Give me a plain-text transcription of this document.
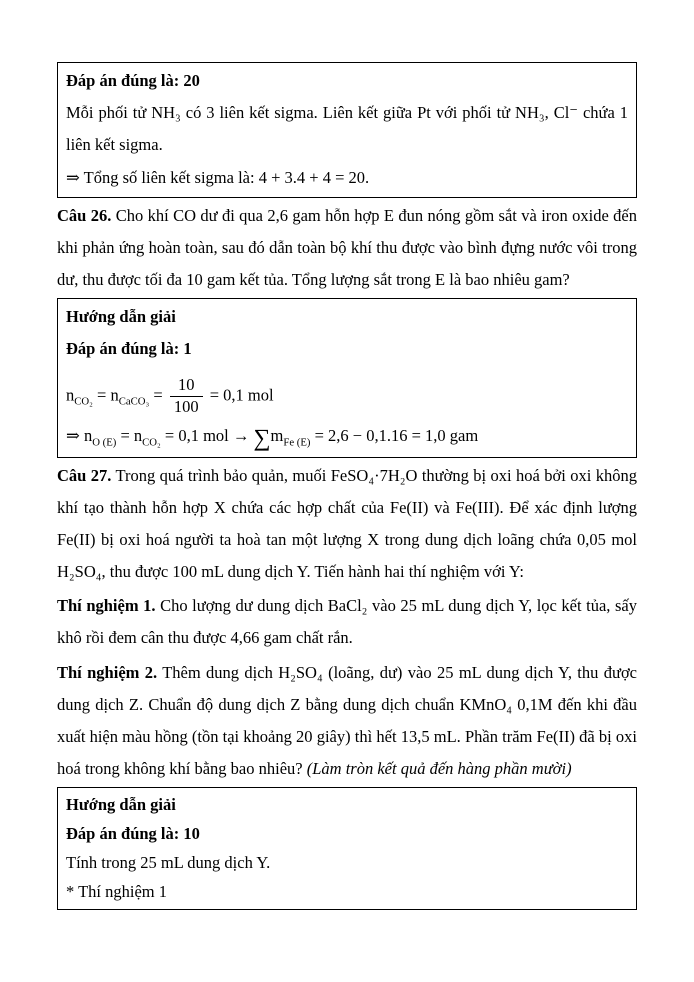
Đáp án đúng là: 20

Mỗi phối tử NH₃ có 3 liên kết sigma. Liên kết giữa Pt với phối tử NH₃, Cl⁻ chứa 1 liên kết sigma.

⇒ Tổng số liên kết sigma là: 4 + 3.4 + 4 = 20.

Câu 26. Cho khí CO dư đi qua 2,6 gam hỗn hợp E đun nóng gồm sắt và iron oxide đến khi phản ứng hoàn toàn, sau đó dẫn toàn bộ khí thu được vào bình đựng nước vôi trong dư, thu được tối đa 10 gam kết tủa. Tổng lượng sắt trong E là bao nhiêu gam?

Hướng dẫn giải

Đáp án đúng là: 1

$n_{CO_2} = n_{CaCO_3} = \frac{10}{100} = 0,1$ mol

⇒ $n_{O (E)} = n_{CO_2} = 0,1$ mol → $\sum m_{Fe (E)} = 2,6 - 0,1.16 = 1,0$ gam

Câu 27. Trong quá trình bảo quản, muối FeSO₄·7H₂O thường bị oxi hoá bởi oxi không khí tạo thành hỗn hợp X chứa các hợp chất của Fe(II) và Fe(III). Để xác định lượng Fe(II) bị oxi hoá người ta hoà tan một lượng X trong dung dịch loãng chứa 0,05 mol H₂SO₄, thu được 100 mL dung dịch Y. Tiến hành hai thí nghiệm với Y:

Thí nghiệm 1. Cho lượng dư dung dịch BaCl₂ vào 25 mL dung dịch Y, lọc kết tủa, sấy khô rồi đem cân thu được 4,66 gam chất rắn.

Thí nghiệm 2. Thêm dung dịch H₂SO₄ (loãng, dư) vào 25 mL dung dịch Y, thu được dung dịch Z. Chuẩn độ dung dịch Z bằng dung dịch chuẩn KMnO₄ 0,1M đến khi đầu xuất hiện màu hồng (tồn tại khoảng 20 giây) thì hết 13,5 mL. Phần trăm Fe(II) đã bị oxi hoá trong không khí bằng bao nhiêu? (Làm tròn kết quả đến hàng phần mười)

Hướng dẫn giải

Đáp án đúng là: 10

Tính trong 25 mL dung dịch Y.

* Thí nghiệm 1
